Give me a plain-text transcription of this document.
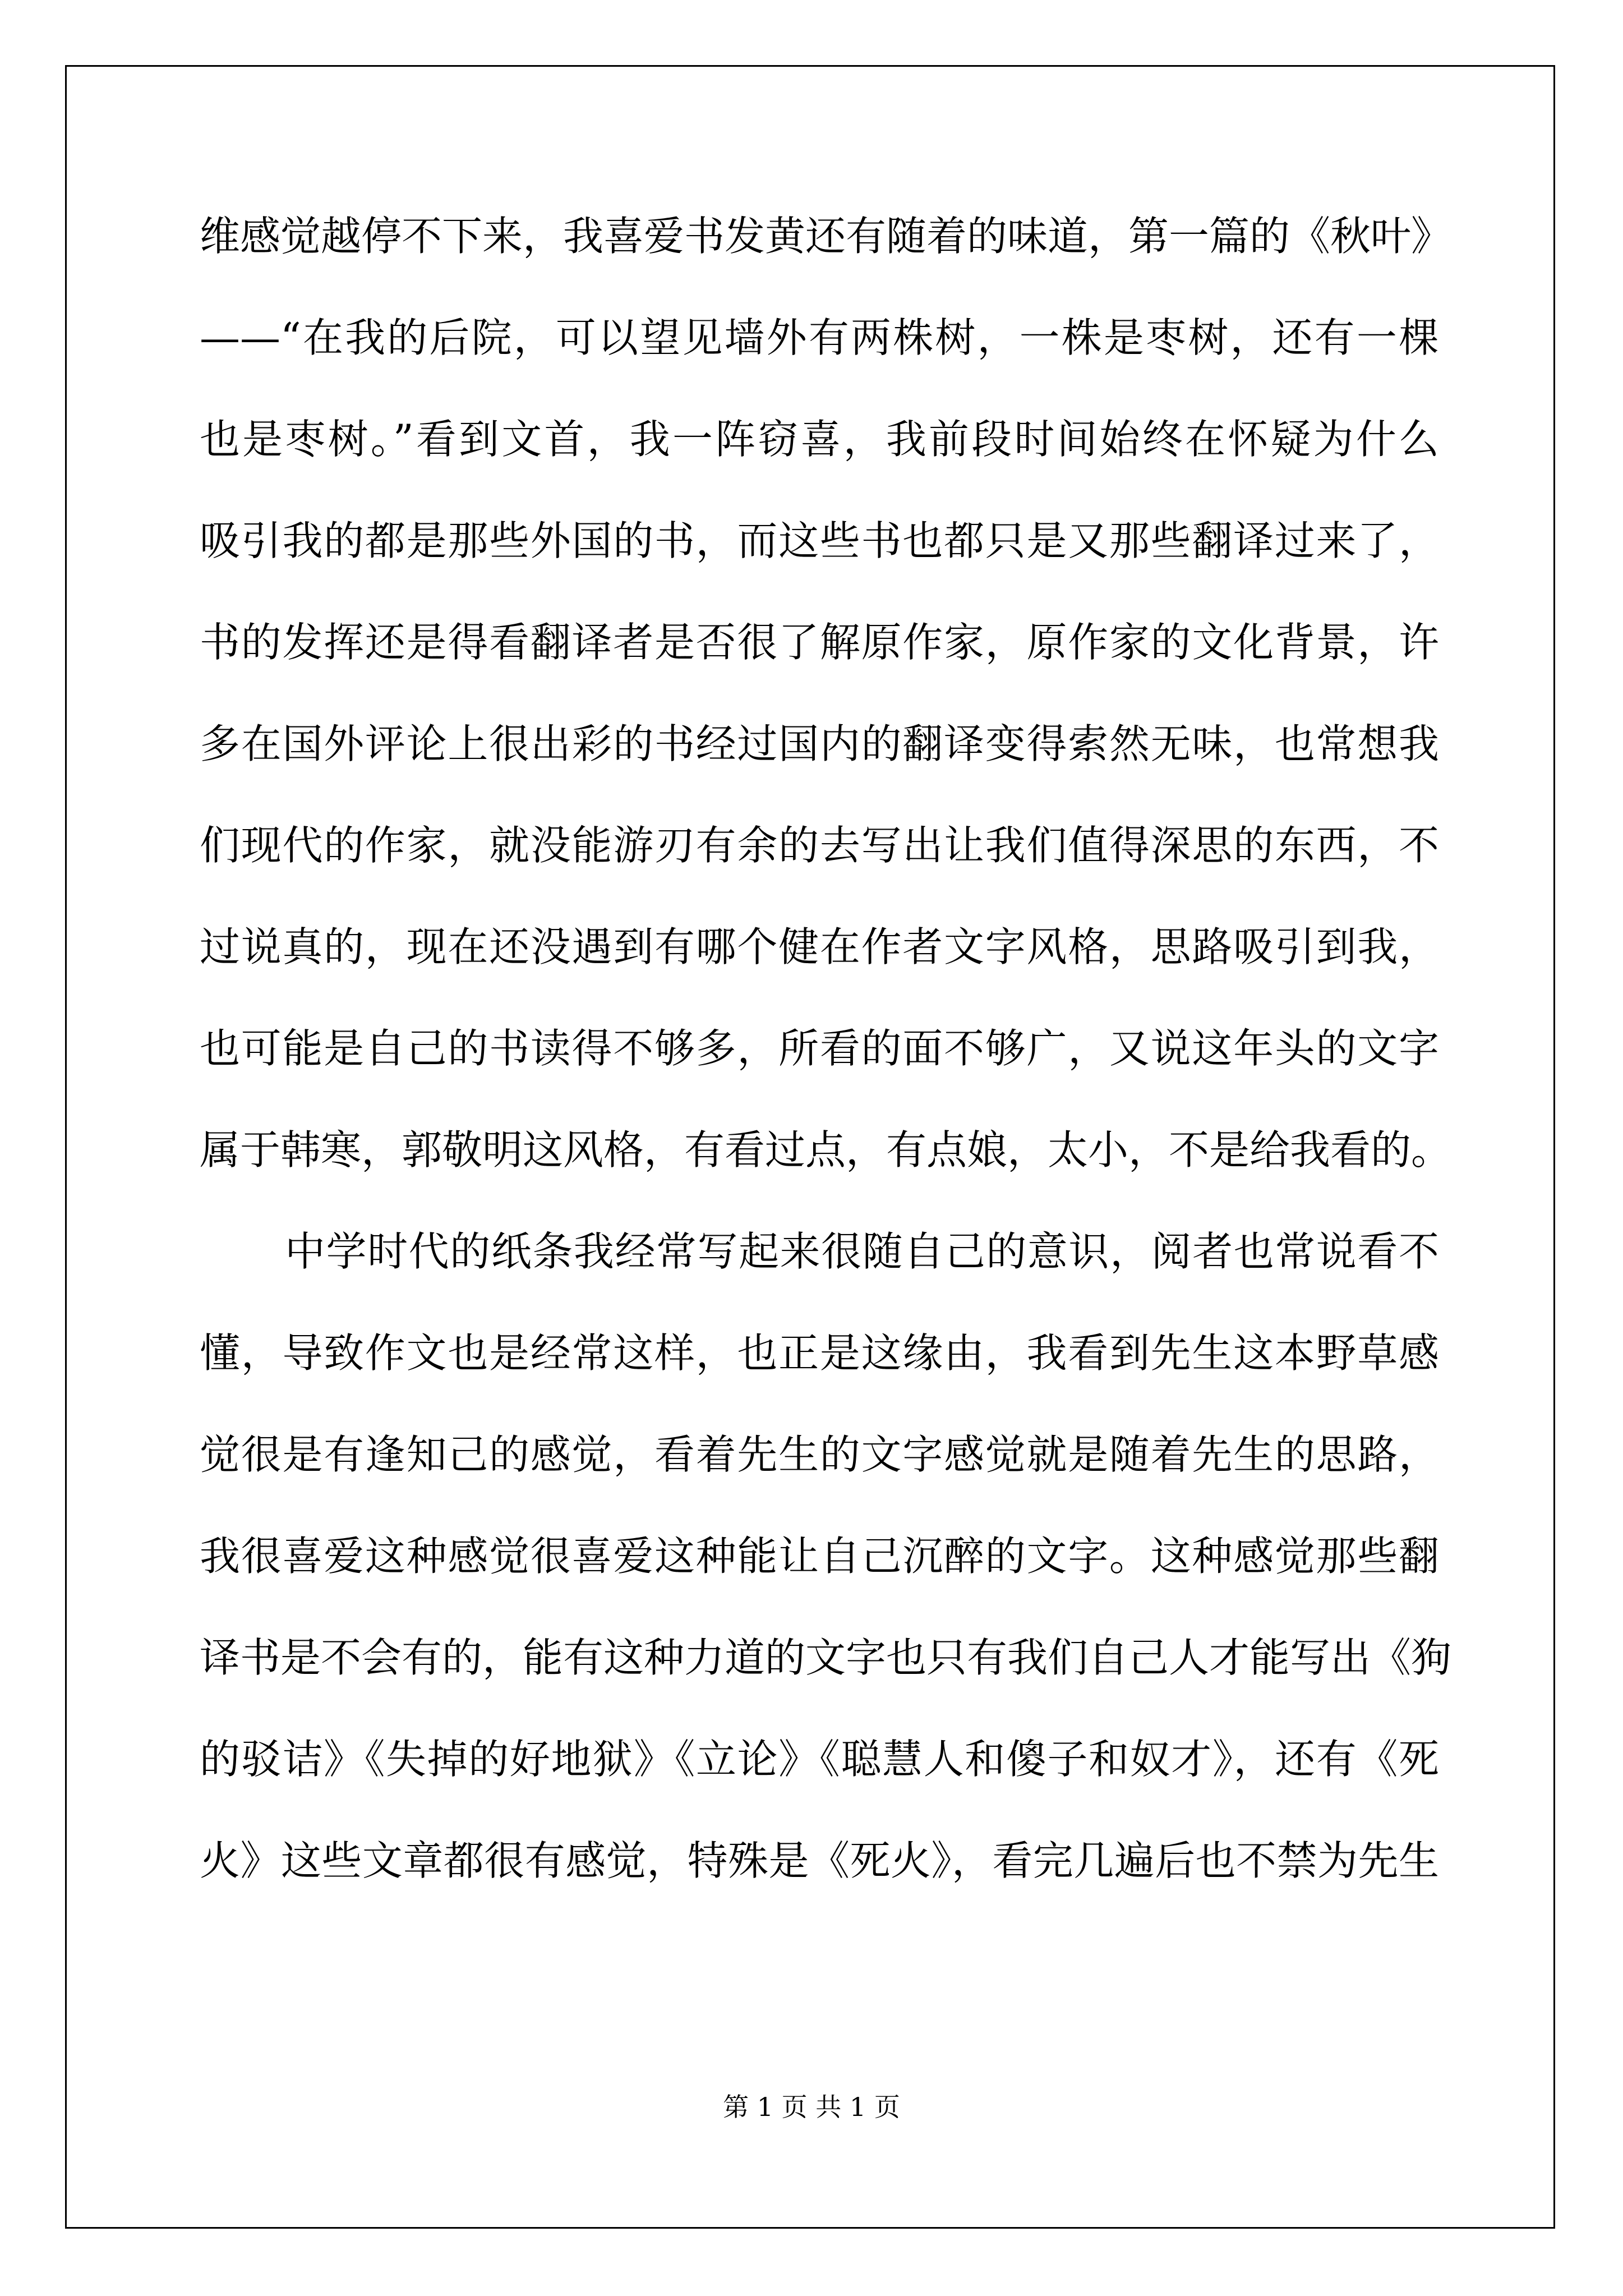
维感觉越停不下来，我喜爱书发黄还有随着的味道，第一篇的《秋叶》
——“在我的后院，可以望见墙外有两株树，一株是枣树，还有一棵
也是枣树。”看到文首，我一阵窃喜，我前段时间始终在怀疑为什么
吸引我的都是那些外国的书，而这些书也都只是又那些翻译过来了，
书的发挥还是得看翻译者是否很了解原作家，原作家的文化背景，许
多在国外评论上很出彩的书经过国内的翻译变得索然无味，也常想我
们现代的作家，就没能游刃有余的去写出让我们值得深思的东西，不
过说真的，现在还没遇到有哪个健在作者文字风格，思路吸引到我，
也可能是自己的书读得不够多，所看的面不够广，又说这年头的文字
属于韩寒，郭敬明这风格，有看过点，有点娘，太小，不是给我看的。
中学时代的纸条我经常写起来很随自己的意识，阅者也常说看不
懂，导致作文也是经常这样，也正是这缘由，我看到先生这本野草感
觉很是有逢知己的感觉，看着先生的文字感觉就是随着先生的思路，
我很喜爱这种感觉很喜爱这种能让自己沉醉的文字。这种感觉那些翻
译书是不会有的，能有这种力道的文字也只有我们自己人才能写出《狗
的驳诘》《失掉的好地狱》《立论》《聪慧人和傻子和奴才》，还有《死
火》这些文章都很有感觉，特殊是《死火》，看完几遍后也不禁为先生
第 1 页 共 1 页
